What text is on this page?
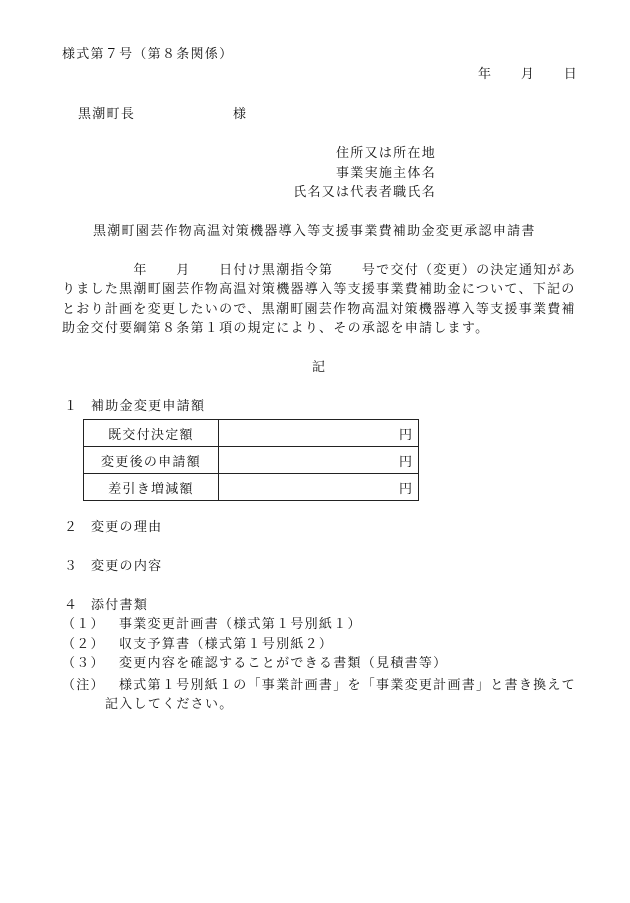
様式第７号（第８条関係）
年　　月　　日
黒潮町長	様
住所又は所在地
事業実施主体名
氏名又は代表者職氏名
黒潮町園芸作物高温対策機器導入等支援事業費補助金変更承認申請書
　　　　　年　　月　　日付け黒潮指令第　　号で交付（変更）の決定通知があ
りました黒潮町園芸作物高温対策機器導入等支援事業費補助金について、下記の
とおり計画を変更したいので、黒潮町園芸作物高温対策機器導入等支援事業費補
助金交付要綱第８条第１項の規定により、その承認を申請します。
記
１ 補助金変更申請額
既交付決定額	円
変更後の申請額	円
差引き増減額	円
２ 変更の理由
３ 変更の内容
４ 添付書類
（１） 事業変更計画書（様式第１号別紙１）
（２） 収支予算書（様式第１号別紙２）
（３） 変更内容を確認することができる書類（見積書等）
（注） 様式第１号別紙１の「事業計画書」を「事業変更計画書」と書き換えて
記入してください。
